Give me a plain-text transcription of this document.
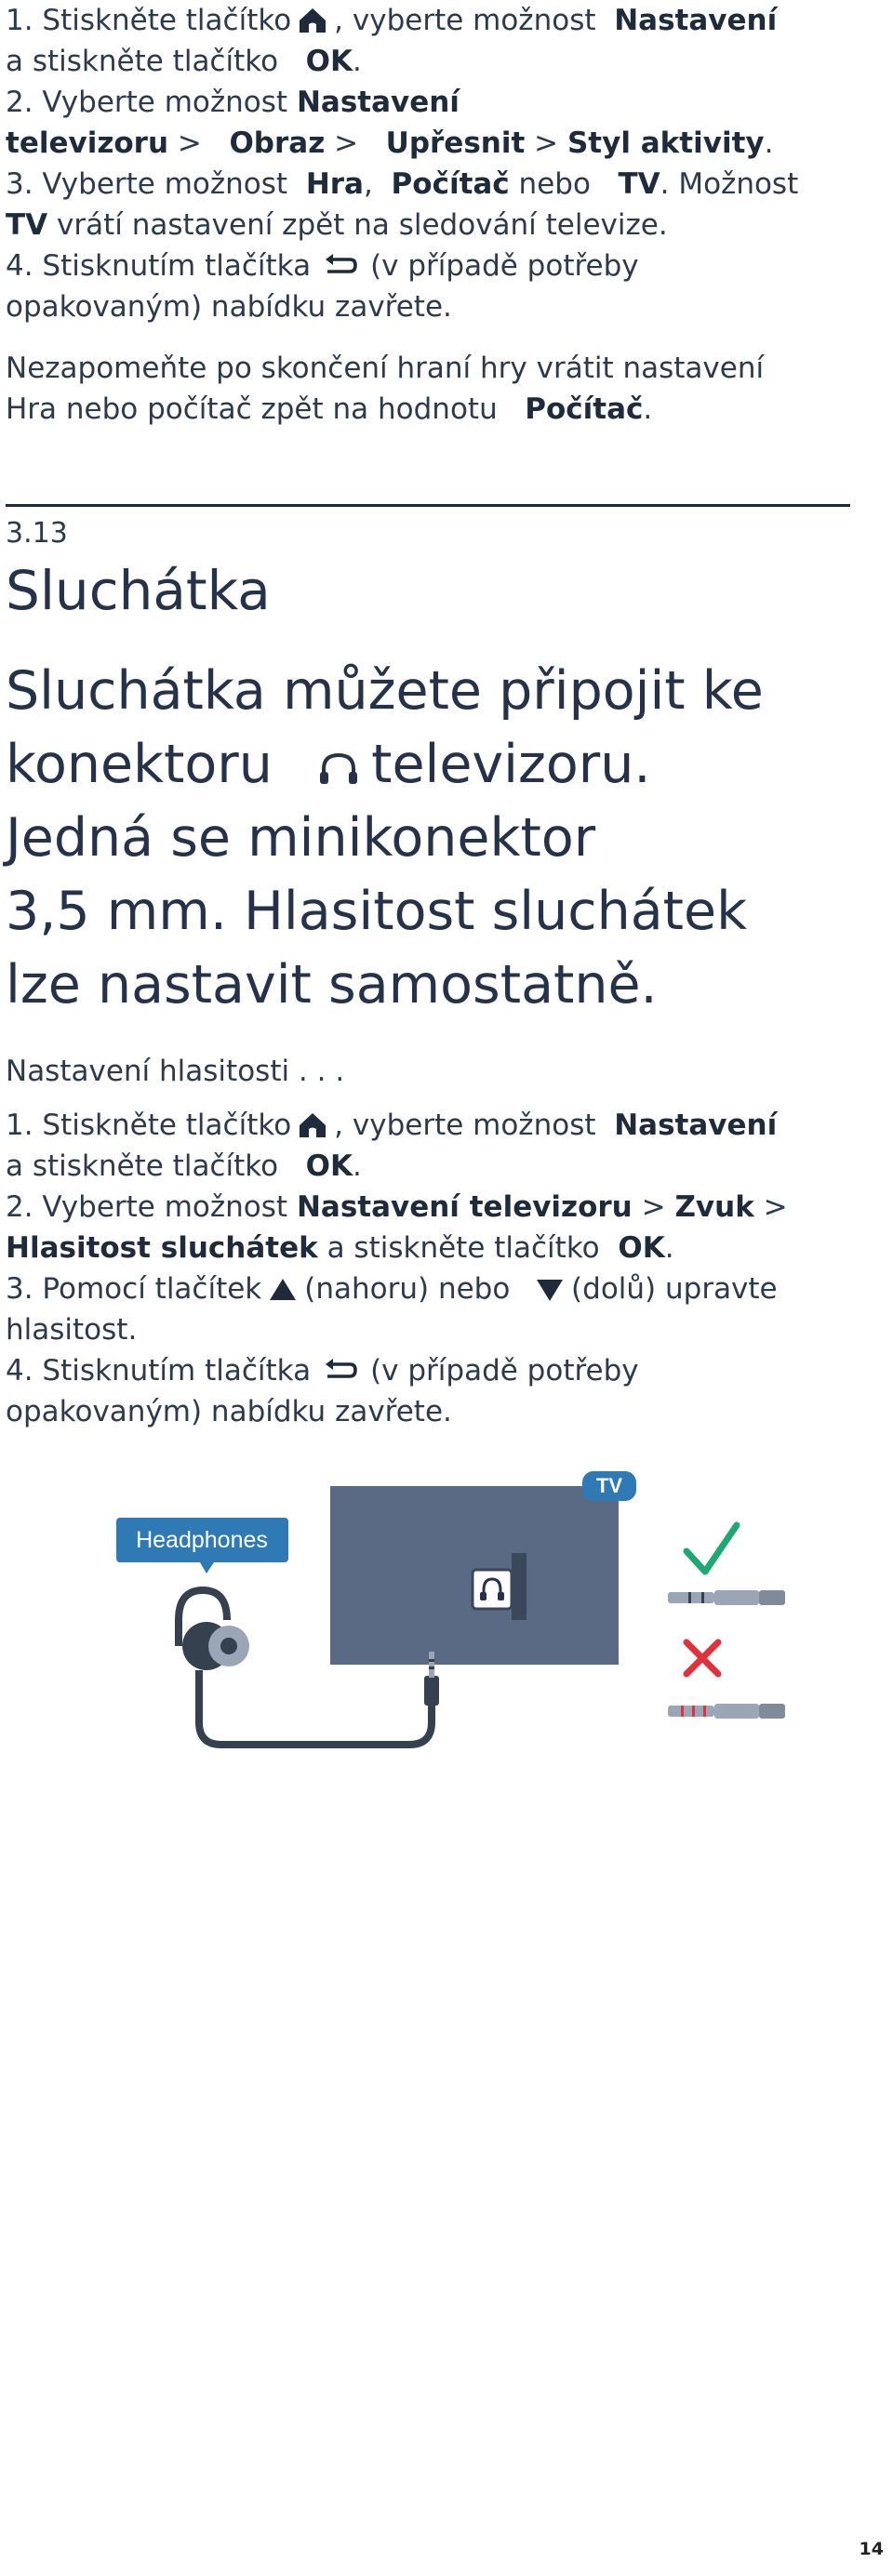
1. Stiskněte tlačítko , vyberte možnost Nastavení

a stiskněte tlačítko OK.

2. Vyberte možnost Nastavení

televizoru >   Obraz >   Upřesnit > Styl aktivity.

3. Vyberte možnost Hra,  Počítač nebo   TV. Možnost

TV vrátí nastavení zpět na sledování televize.

4. Stisknutím tlačítka (v případě potřeby

opakovaným) nabídku zavřete.

Nezapomeňte po skončení hraní hry vrátit nastavení

Hra nebo počítač zpět na hodnotu Počítač.

3.13
Sluchátka
Sluchátka můžete připojit ke
konektoru televizoru.
Jedná se minikonektor
3,5 mm. Hlasitost sluchátek
lze nastavit samostatně.

Nastavení hlasitosti . . .

1. Stiskněte tlačítko , vyberte možnost Nastavení

a stiskněte tlačítko OK.

2. Vyberte možnost Nastavení televizoru > Zvuk >

Hlasitost sluchátek a stiskněte tlačítko OK.

3. Pomocí tlačítek (nahoru) nebo (dolů) upravte

hlasitost.

4. Stisknutím tlačítka (v případě potřeby

opakovaným) nabídku zavřete.

TV
Headphones
14
